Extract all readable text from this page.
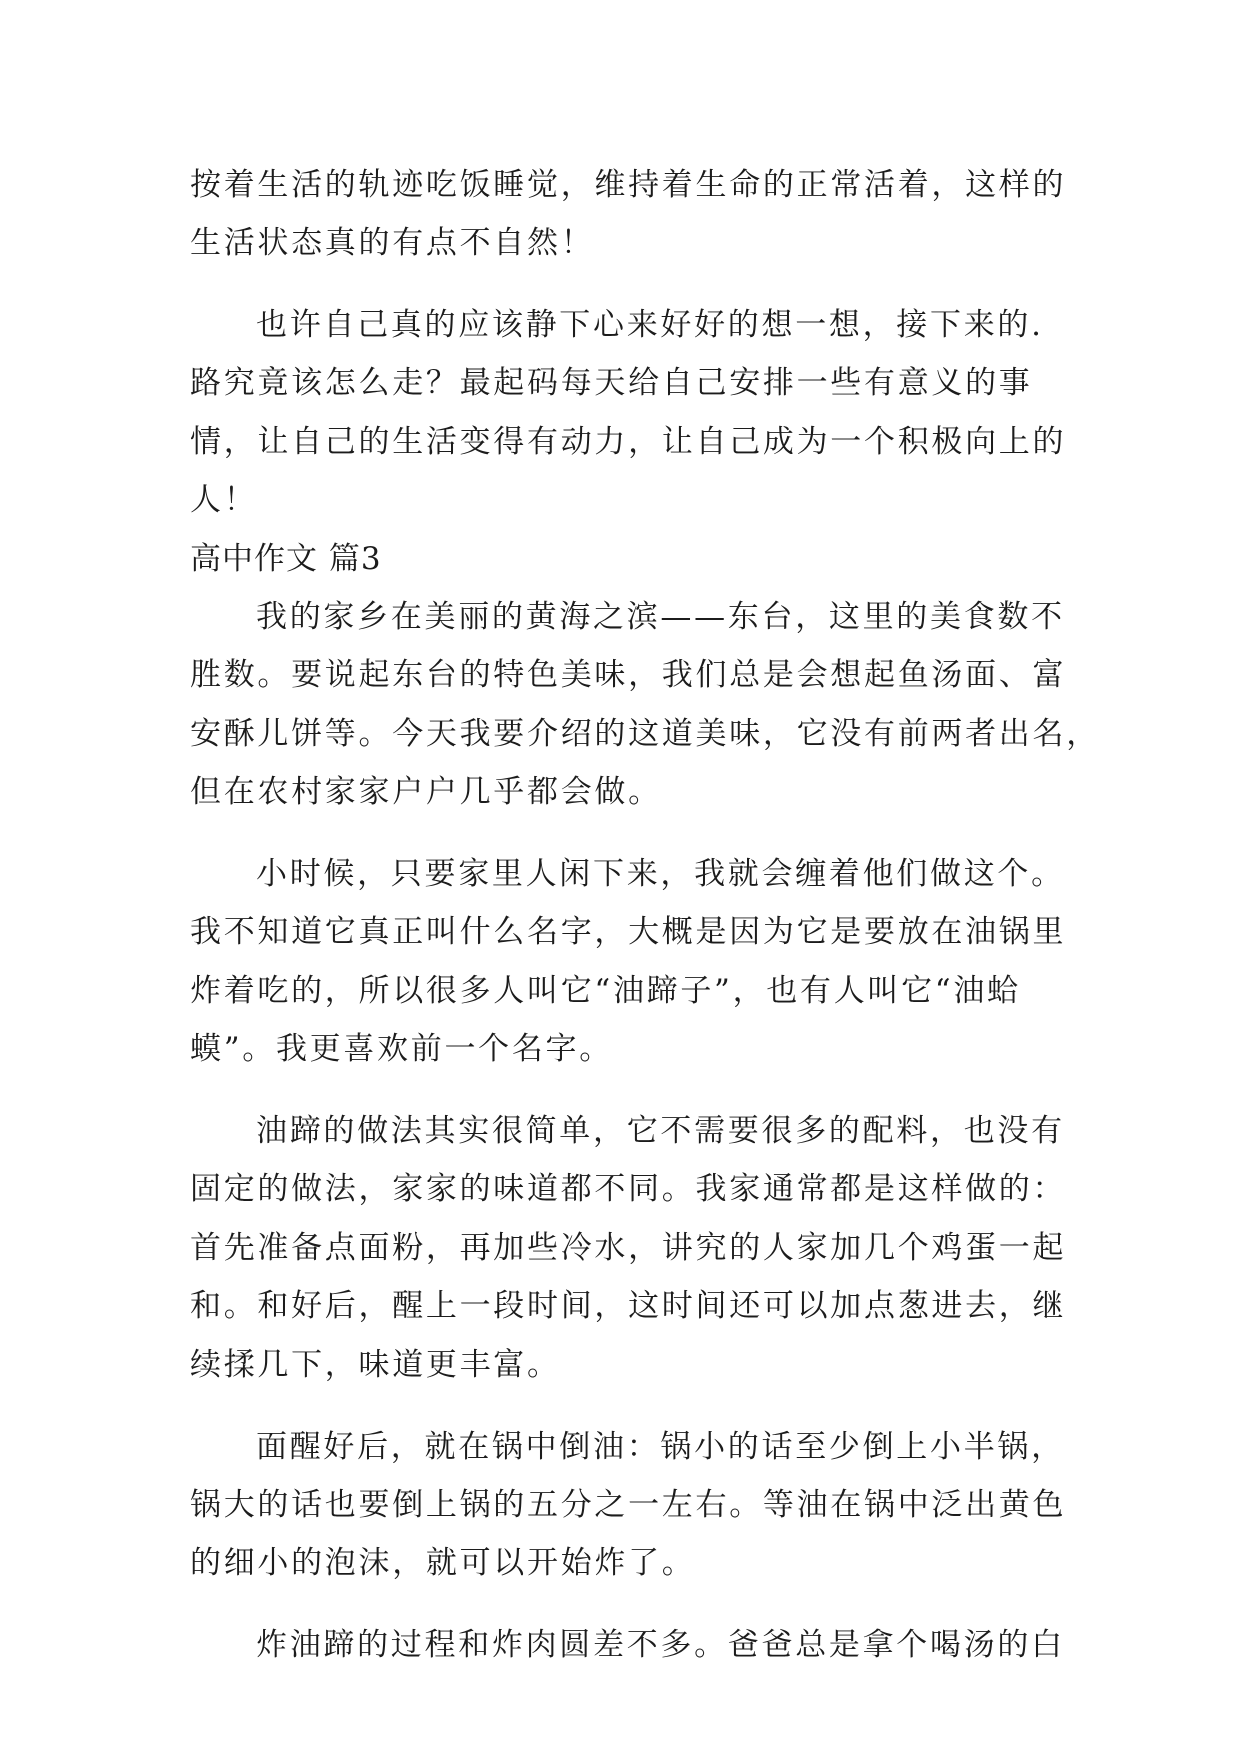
按着生活的轨迹吃饭睡觉，维持着生命的正常活着，这样的
生活状态真的有点不自然！
也许自己真的应该静下心来好好的想一想，接下来的.
路究竟该怎么走？最起码每天给自己安排一些有意义的事
情，让自己的生活变得有动力，让自己成为一个积极向上的
人！
高中作文 篇3
我的家乡在美丽的黄海之滨——东台，这里的美食数不
胜数。要说起东台的特色美味，我们总是会想起鱼汤面、富
安酥儿饼等。今天我要介绍的这道美味，它没有前两者出名，
但在农村家家户户几乎都会做。
小时候，只要家里人闲下来，我就会缠着他们做这个。
我不知道它真正叫什么名字，大概是因为它是要放在油锅里
炸着吃的，所以很多人叫它“油蹄子”，也有人叫它“油蛤
蟆”。我更喜欢前一个名字。
油蹄的做法其实很简单，它不需要很多的配料，也没有
固定的做法，家家的味道都不同。我家通常都是这样做的：
首先准备点面粉，再加些冷水，讲究的人家加几个鸡蛋一起
和。和好后，醒上一段时间，这时间还可以加点葱进去，继
续揉几下，味道更丰富。
面醒好后，就在锅中倒油：锅小的话至少倒上小半锅，
锅大的话也要倒上锅的五分之一左右。等油在锅中泛出黄色
的细小的泡沫，就可以开始炸了。
炸油蹄的过程和炸肉圆差不多。爸爸总是拿个喝汤的白
